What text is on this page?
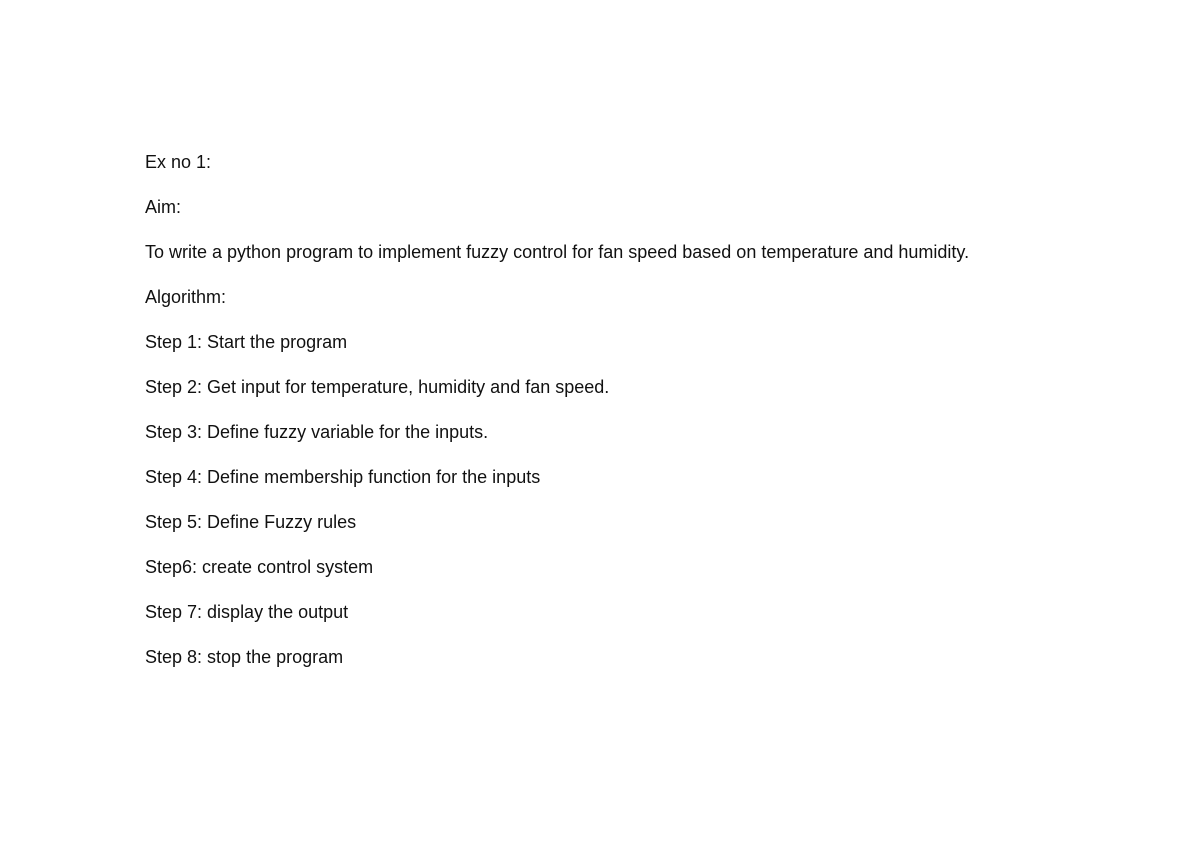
Ex no 1:

Aim:

To write a python program to implement fuzzy control for fan speed based on temperature and humidity.

Algorithm:

Step 1: Start the program

Step 2: Get input for temperature, humidity and fan speed.

Step 3: Define fuzzy variable for the inputs.

Step 4: Define membership function for the inputs

Step 5: Define Fuzzy rules

Step6: create control system

Step 7: display the output

Step 8: stop the program
